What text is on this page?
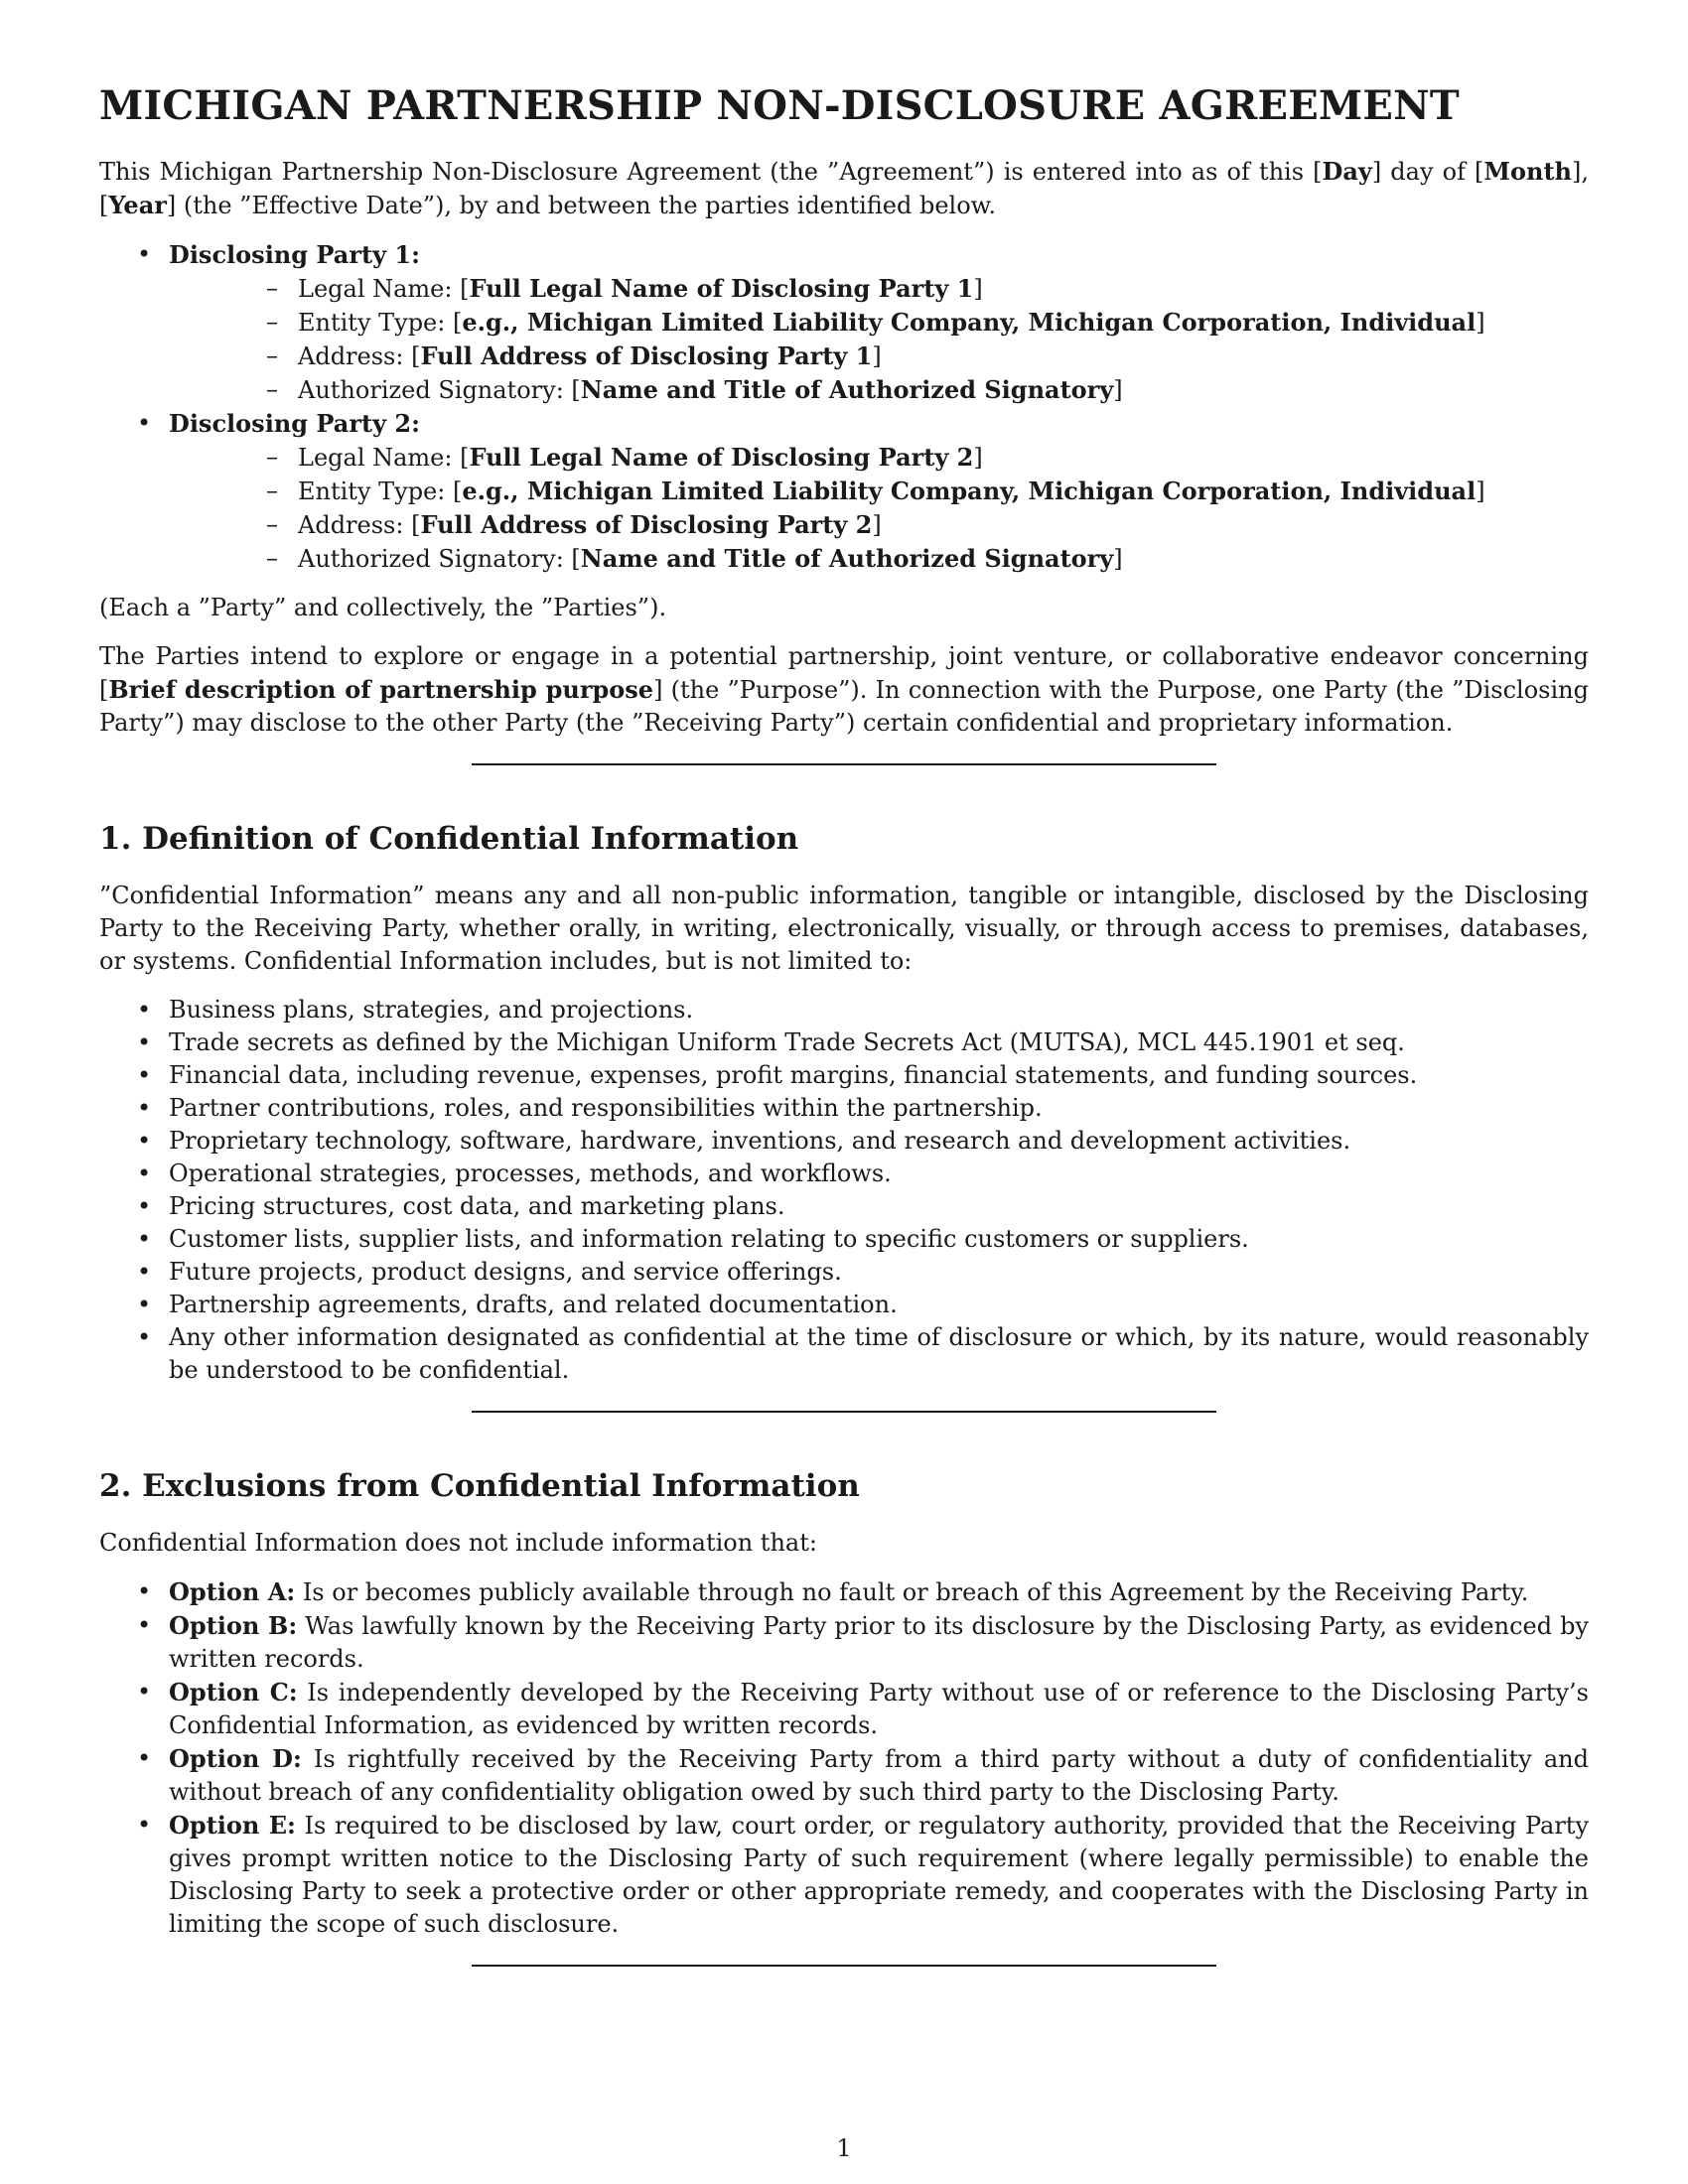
MICHIGAN PARTNERSHIP NON-DISCLOSURE AGREEMENT

This Michigan Partnership Non-Disclosure Agreement (the ”Agreement”) is entered into as of this [Day] day of [Month], [Year] (the ”Effective Date”), by and between the parties identified below.

• Disclosing Party 1:
– Legal Name: [Full Legal Name of Disclosing Party 1]
– Entity Type: [e.g., Michigan Limited Liability Company, Michigan Corporation, Individual]
– Address: [Full Address of Disclosing Party 1]
– Authorized Signatory: [Name and Title of Authorized Signatory]
• Disclosing Party 2:
– Legal Name: [Full Legal Name of Disclosing Party 2]
– Entity Type: [e.g., Michigan Limited Liability Company, Michigan Corporation, Individual]
– Address: [Full Address of Disclosing Party 2]
– Authorized Signatory: [Name and Title of Authorized Signatory]

(Each a ”Party” and collectively, the ”Parties”).

The Parties intend to explore or engage in a potential partnership, joint venture, or collaborative endeavor concerning [Brief description of partnership purpose] (the ”Purpose”). In connection with the Purpose, one Party (the ”Disclosing Party”) may disclose to the other Party (the ”Receiving Party”) certain confidential and proprietary information.

1. Definition of Confidential Information

”Confidential Information” means any and all non-public information, tangible or intangible, disclosed by the Disclosing Party to the Receiving Party, whether orally, in writing, electronically, visually, or through access to premises, databases, or systems. Confidential Information includes, but is not limited to:

• Business plans, strategies, and projections.
• Trade secrets as defined by the Michigan Uniform Trade Secrets Act (MUTSA), MCL 445.1901 et seq.
• Financial data, including revenue, expenses, profit margins, financial statements, and funding sources.
• Partner contributions, roles, and responsibilities within the partnership.
• Proprietary technology, software, hardware, inventions, and research and development activities.
• Operational strategies, processes, methods, and workflows.
• Pricing structures, cost data, and marketing plans.
• Customer lists, supplier lists, and information relating to specific customers or suppliers.
• Future projects, product designs, and service offerings.
• Partnership agreements, drafts, and related documentation.
• Any other information designated as confidential at the time of disclosure or which, by its nature, would reasonably be understood to be confidential.
2. Exclusions from Confidential Information

Confidential Information does not include information that:

• Option A: Is or becomes publicly available through no fault or breach of this Agreement by the Receiving Party.
• Option B: Was lawfully known by the Receiving Party prior to its disclosure by the Disclosing Party, as evidenced by written records.
• Option C: Is independently developed by the Receiving Party without use of or reference to the Disclosing Party’s Confidential Information, as evidenced by written records.
• Option D: Is rightfully received by the Receiving Party from a third party without a duty of confidentiality and without breach of any confidentiality obligation owed by such third party to the Disclosing Party.
• Option E: Is required to be disclosed by law, court order, or regulatory authority, provided that the Receiving Party gives prompt written notice to the Disclosing Party of such requirement (where legally permissible) to enable the Disclosing Party to seek a protective order or other appropriate remedy, and cooperates with the Disclosing Party in limiting the scope of such disclosure.
1
